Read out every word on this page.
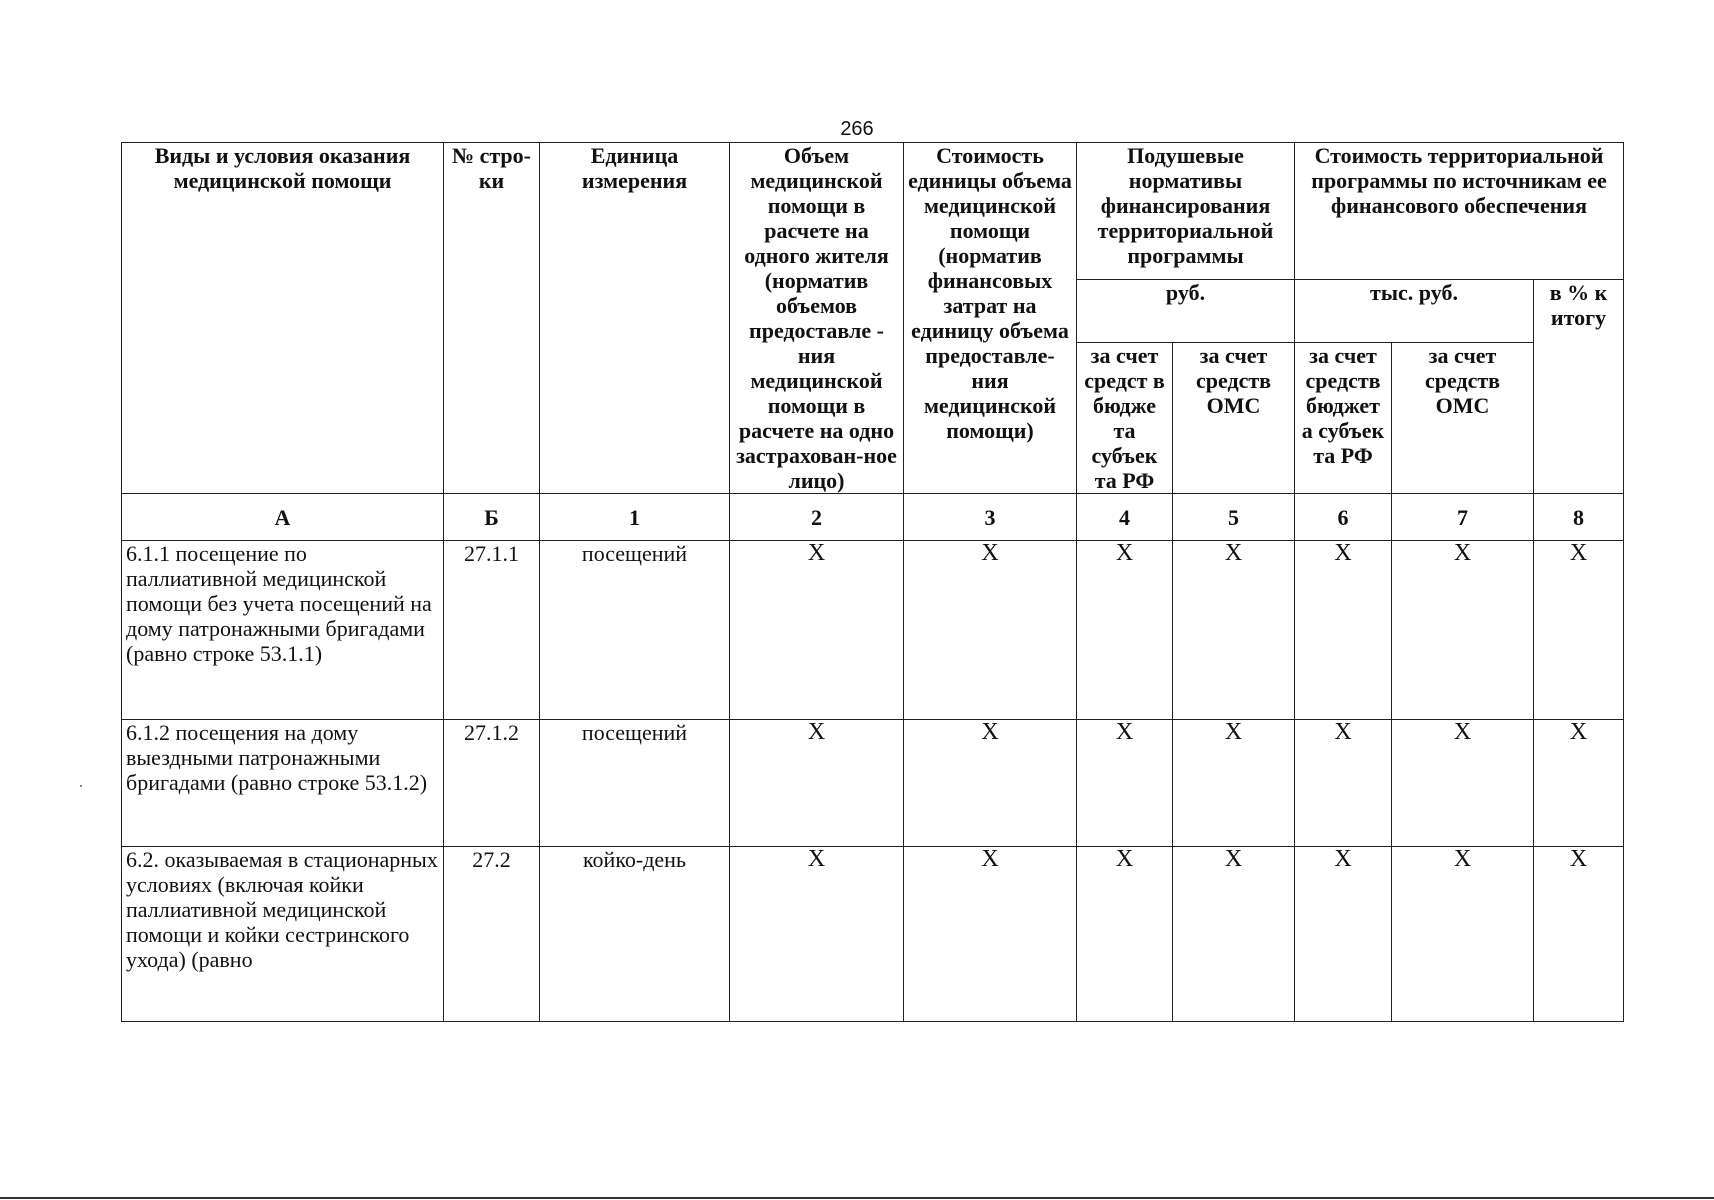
266
Виды и условия оказания медицинской помощи	№ стро-ки	Единица измерения	Объем медицинской помощи в расчете на одного жителя (норматив объемов предоставле - ния медицинской помощи в расчете на одно застрахован-ное лицо)	Стоимость единицы объема медицинской помощи (норматив финансовых затрат на единицу объема предоставле-ния медицинской помощи)	Подушевые нормативы финансирования территориальной программы		Стоимость территориальной программы по источникам ее финансового обеспечения		
					руб.		тыс. руб.		в % к итогу
					за счет средст в бюдже та субъек та РФ	за счет средств ОМС	за счет средств бюджет а субъек та РФ	за счет средств ОМС	
А	Б	1	2	3	4	5	6	7	8
6.1.1 посещение по паллиативной медицинской помощи без учета посещений на дому патронажными бригадами (равно строке 53.1.1)	27.1.1	посещений	X	X	X	X	X	X	X
6.1.2 посещения на дому выездными патронажными бригадами (равно строке 53.1.2)	27.1.2	посещений	X	X	X	X	X	X	X
6.2. оказываемая в стационарных условиях (включая койки паллиативной медицинской помощи и койки сестринского ухода) (равно	27.2	койко-день	X	X	X	X	X	X	X
